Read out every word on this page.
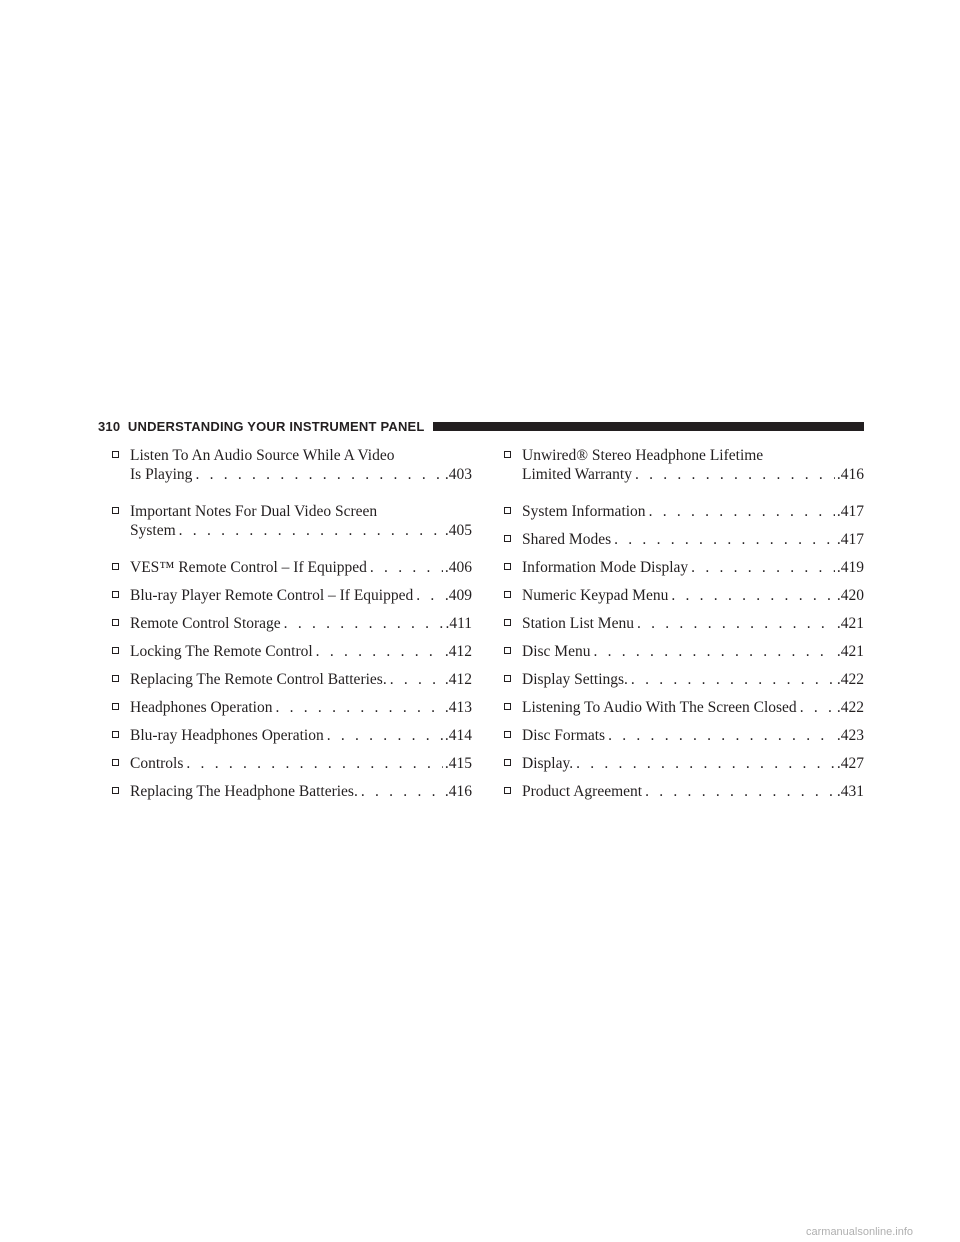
310 UNDERSTANDING YOUR INSTRUMENT PANEL
Listen To An Audio Source While A Video
Is Playing . . .	.403
Important Notes For Dual Video Screen
System . . .	.405
VES™ Remote Control – If Equipped . . .	.406
Blu-ray Player Remote Control – If Equipped . . . .409
Remote Control Storage . . .	.411
Locking The Remote Control . . .	.412
Replacing The Remote Control Batteries. . . .	.412
Headphones Operation . . .	.413
Blu-ray Headphones Operation . . .	.414
Controls . . .	.415
Replacing The Headphone Batteries. . . .	.416
Unwired® Stereo Headphone Lifetime
Limited Warranty . . .	.416
System Information . . .	.417
Shared Modes . . .	.417
Information Mode Display . . .	.419
Numeric Keypad Menu . . .	.420
Station List Menu . . .	.421
Disc Menu . . .	.421
Display Settings. . . .	.422
Listening To Audio With The Screen Closed . . .	.422
Disc Formats . . .	.423
Display. . . .	.427
Product Agreement . . .	.431
carmanualsonline.info
